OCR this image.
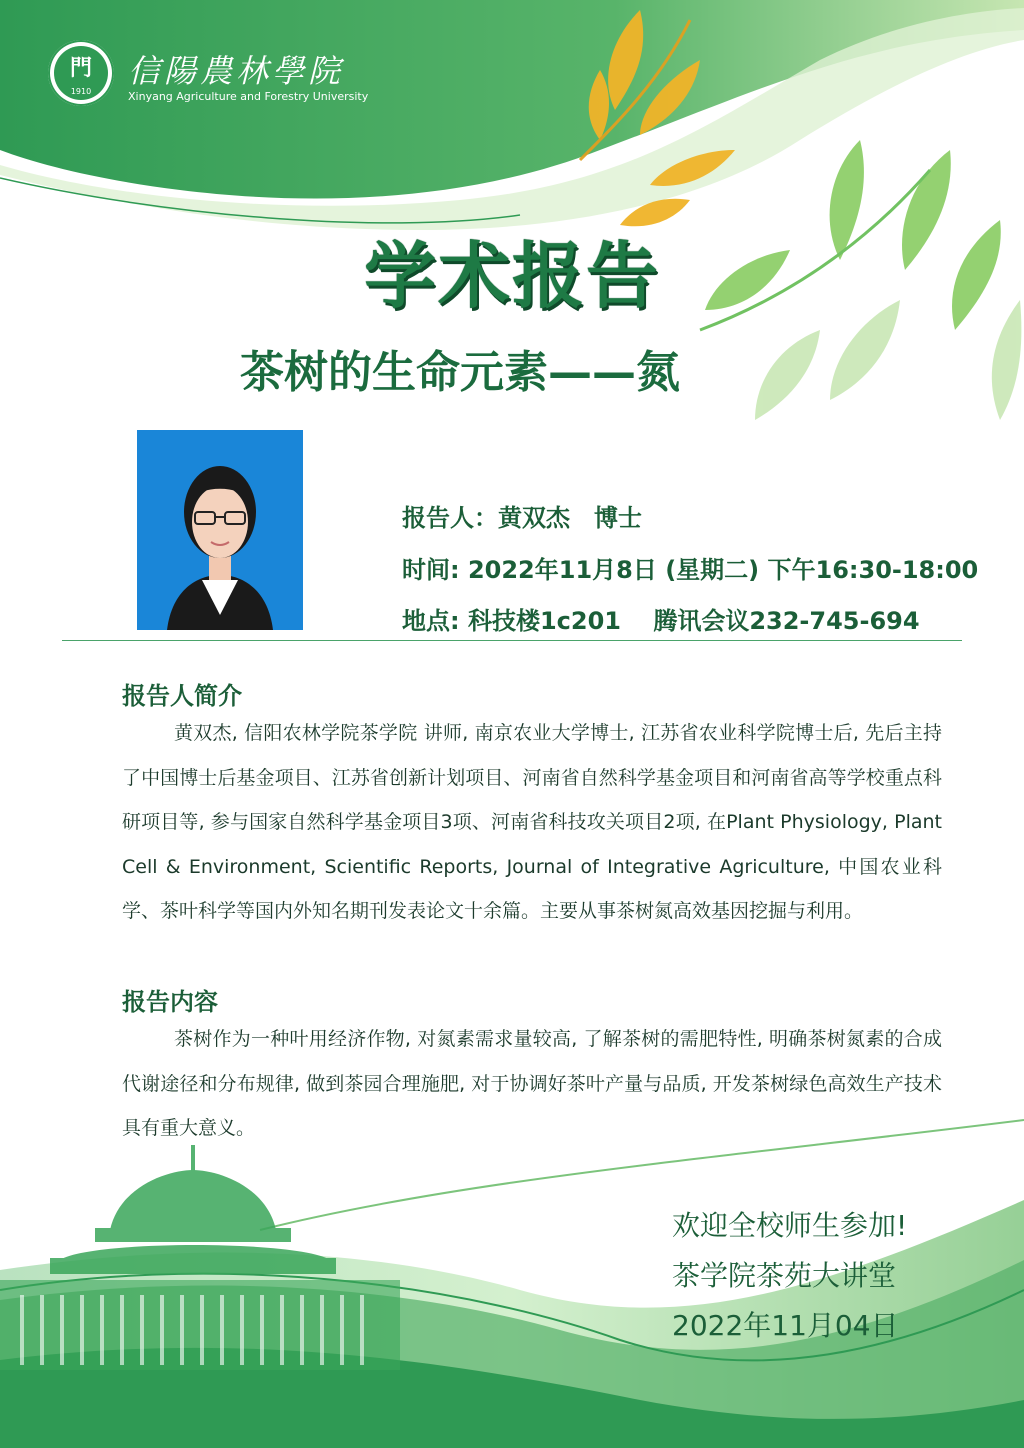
門
1910
信陽農林學院
Xinyang Agriculture and Forestry University
学术报告
茶树的生命元素——氮
报告人：黄双杰　博士
时间: 2022年11月8日 (星期二) 下午16:30-18:00
地点: 科技楼1c201　 腾讯会议232-745-694
报告人简介

黄双杰, 信阳农林学院茶学院 讲师, 南京农业大学博士, 江苏省农业科学院博士后, 先后主持了中国博士后基金项目、江苏省创新计划项目、河南省自然科学基金项目和河南省高等学校重点科研项目等, 参与国家自然科学基金项目3项、河南省科技攻关项目2项, 在Plant Physiology, Plant Cell & Environment, Scientific Reports, Journal of Integrative Agriculture, 中国农业科学、茶叶科学等国内外知名期刊发表论文十余篇。主要从事茶树氮高效基因挖掘与利用。

报告内容

茶树作为一种叶用经济作物, 对氮素需求量较高, 了解茶树的需肥特性, 明确茶树氮素的合成代谢途径和分布规律, 做到茶园合理施肥, 对于协调好茶叶产量与品质, 开发茶树绿色高效生产技术具有重大意义。

欢迎全校师生参加!
茶学院茶苑大讲堂
2022年11月04日
